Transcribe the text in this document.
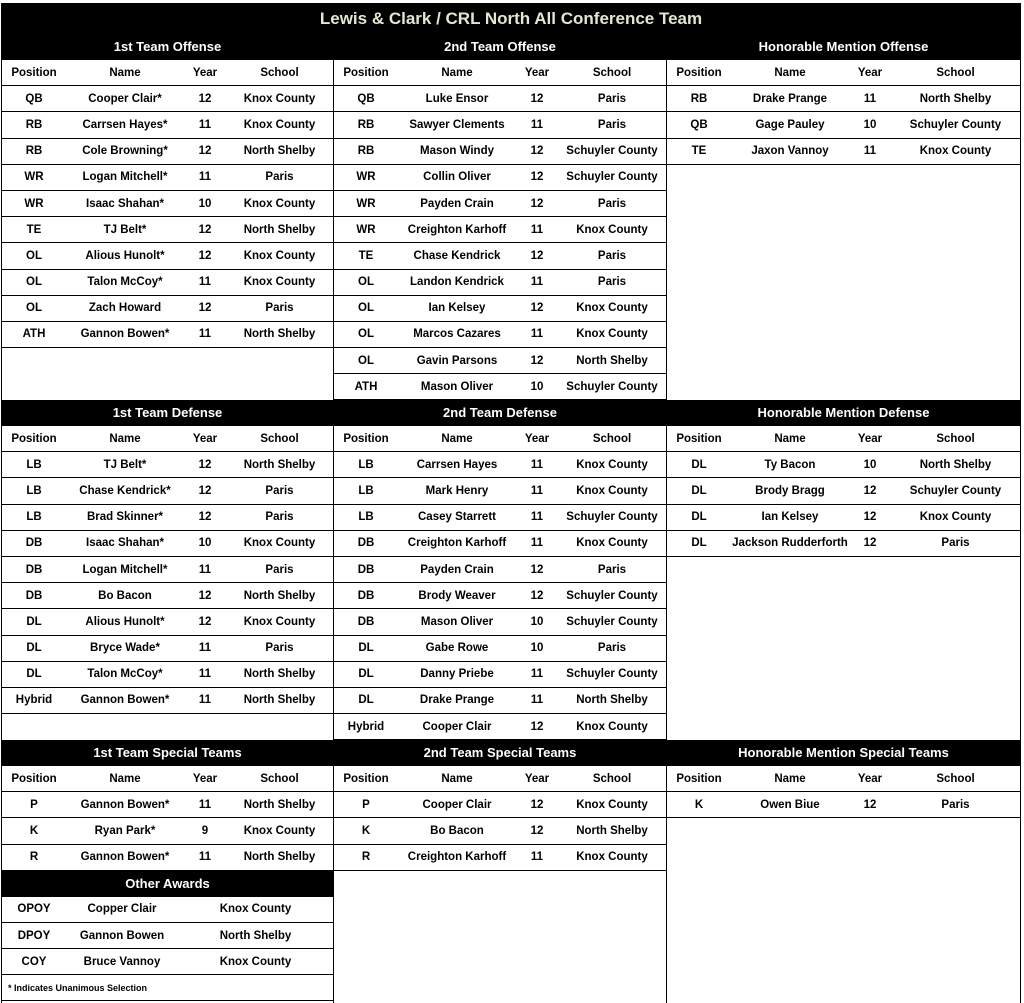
Lewis & Clark / CRL North All Conference Team
1st Team Offense
Position	Name	Year	School
QB	Cooper Clair*	12	Knox County
RB	Carrsen Hayes*	11	Knox County
RB	Cole Browning*	12	North Shelby
WR	Logan Mitchell*	11	Paris
WR	Isaac Shahan*	10	Knox County
TE	TJ Belt*	12	North Shelby
OL	Alious Hunolt*	12	Knox County
OL	Talon McCoy*	11	Knox County
OL	Zach Howard	12	Paris
ATH	Gannon Bowen*	11	North Shelby
2nd Team Offense
Position	Name	Year	School
QB	Luke Ensor	12	Paris
RB	Sawyer Clements	11	Paris
RB	Mason Windy	12	Schuyler County
WR	Collin Oliver	12	Schuyler County
WR	Payden Crain	12	Paris
WR	Creighton Karhoff	11	Knox County
TE	Chase Kendrick	12	Paris
OL	Landon Kendrick	11	Paris
OL	Ian Kelsey	12	Knox County
OL	Marcos Cazares	11	Knox County
OL	Gavin Parsons	12	North Shelby
ATH	Mason Oliver	10	Schuyler County
Honorable Mention Offense
Position	Name	Year	School
RB	Drake Prange	11	North Shelby
QB	Gage Pauley	10	Schuyler County
TE	Jaxon Vannoy	11	Knox County
1st Team Defense
Position	Name	Year	School
LB	TJ Belt*	12	North Shelby
LB	Chase Kendrick*	12	Paris
LB	Brad Skinner*	12	Paris
DB	Isaac Shahan*	10	Knox County
DB	Logan Mitchell*	11	Paris
DB	Bo Bacon	12	North Shelby
DL	Alious Hunolt*	12	Knox County
DL	Bryce Wade*	11	Paris
DL	Talon McCoy*	11	North Shelby
Hybrid	Gannon Bowen*	11	North Shelby
2nd Team Defense
Position	Name	Year	School
LB	Carrsen Hayes	11	Knox County
LB	Mark Henry	11	Knox County
LB	Casey Starrett	11	Schuyler County
DB	Creighton Karhoff	11	Knox County
DB	Payden Crain	12	Paris
DB	Brody Weaver	12	Schuyler County
DB	Mason Oliver	10	Schuyler County
DL	Gabe Rowe	10	Paris
DL	Danny Priebe	11	Schuyler County
DL	Drake Prange	11	North Shelby
Hybrid	Cooper Clair	12	Knox County
Honorable Mention Defense
Position	Name	Year	School
DL	Ty Bacon	10	North Shelby
DL	Brody Bragg	12	Schuyler County
DL	Ian Kelsey	12	Knox County
DL	Jackson Rudderforth	12	Paris
1st Team Special Teams
Position	Name	Year	School
P	Gannon Bowen*	11	North Shelby
K	Ryan Park*	9	Knox County
R	Gannon Bowen*	11	North Shelby
Other Awards
OPOY	Copper Clair	Knox County
DPOY	Gannon Bowen	North Shelby
COY	Bruce Vannoy	Knox County
* Indicates Unanimous Selection
2nd Team Special Teams
Position	Name	Year	School
P	Cooper Clair	12	Knox County
K	Bo Bacon	12	North Shelby
R	Creighton Karhoff	11	Knox County
Honorable Mention Special Teams
Position	Name	Year	School
K	Owen Biue	12	Paris
